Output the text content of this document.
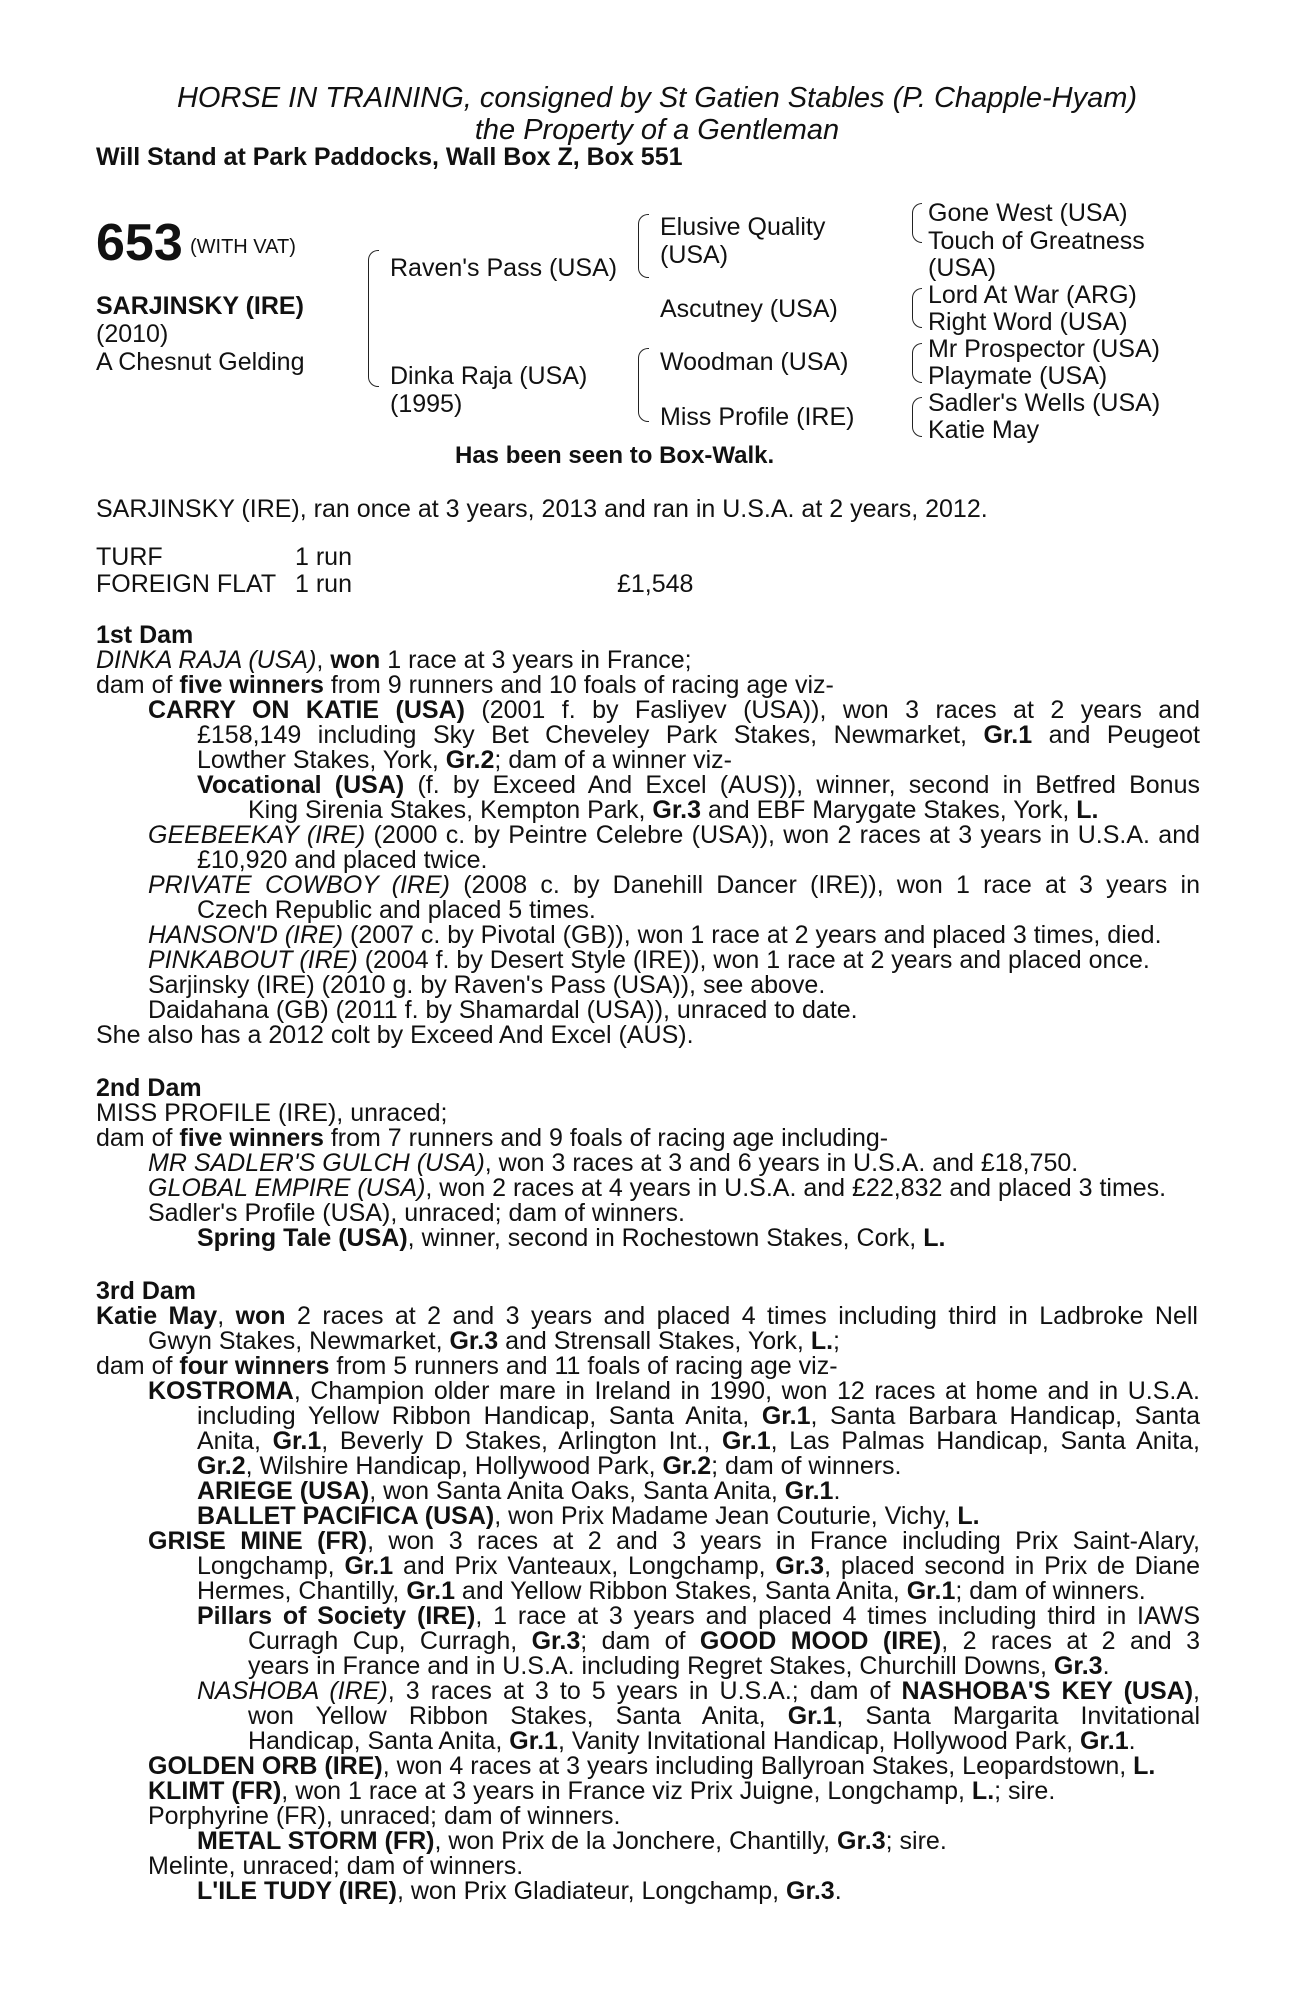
HORSE IN TRAINING, consigned by St Gatien Stables (P. Chapple-Hyam)
the Property of a Gentleman
Will Stand at Park Paddocks, Wall Box Z, Box 551
653 (WITH VAT)
SARJINSKY (IRE)
(2010)
A Chesnut Gelding
Raven's Pass (USA)
Dinka Raja (USA)
(1995)
Elusive Quality
(USA)
Ascutney (USA)
Woodman (USA)
Miss Profile (IRE)
Gone West (USA)
Touch of Greatness
(USA)
Lord At War (ARG)
Right Word (USA)
Mr Prospector (USA)
Playmate (USA)
Sadler's Wells (USA)
Katie May
Has been seen to Box-Walk.
SARJINSKY (IRE), ran once at 3 years, 2013 and ran in U.S.A. at 2 years, 2012.
TURF	1 run
FOREIGN FLAT 1 run	£1,548
1st Dam
DINKA RAJA (USA), won 1 race at 3 years in France;
dam of five winners from 9 runners and 10 foals of racing age viz-
CARRY ON KATIE (USA) (2001 f. by Fasliyev (USA)), won 3 races at 2 years and
£158,149 including Sky Bet Cheveley Park Stakes, Newmarket, Gr.1 and Peugeot
Lowther Stakes, York, Gr.2; dam of a winner viz-
Vocational (USA) (f. by Exceed And Excel (AUS)), winner, second in Betfred Bonus
King Sirenia Stakes, Kempton Park, Gr.3 and EBF Marygate Stakes, York, L.
GEEBEEKAY (IRE) (2000 c. by Peintre Celebre (USA)), won 2 races at 3 years in U.S.A. and
£10,920 and placed twice.
PRIVATE COWBOY (IRE) (2008 c. by Danehill Dancer (IRE)), won 1 race at 3 years in
Czech Republic and placed 5 times.
HANSON'D (IRE) (2007 c. by Pivotal (GB)), won 1 race at 2 years and placed 3 times, died.
PINKABOUT (IRE) (2004 f. by Desert Style (IRE)), won 1 race at 2 years and placed once.
Sarjinsky (IRE) (2010 g. by Raven's Pass (USA)), see above.
Daidahana (GB) (2011 f. by Shamardal (USA)), unraced to date.
She also has a 2012 colt by Exceed And Excel (AUS).
2nd Dam
MISS PROFILE (IRE), unraced;
dam of five winners from 7 runners and 9 foals of racing age including-
MR SADLER'S GULCH (USA), won 3 races at 3 and 6 years in U.S.A. and £18,750.
GLOBAL EMPIRE (USA), won 2 races at 4 years in U.S.A. and £22,832 and placed 3 times.
Sadler's Profile (USA), unraced; dam of winners.
Spring Tale (USA), winner, second in Rochestown Stakes, Cork, L.
3rd Dam
Katie May, won 2 races at 2 and 3 years and placed 4 times including third in Ladbroke Nell
Gwyn Stakes, Newmarket, Gr.3 and Strensall Stakes, York, L.;
dam of four winners from 5 runners and 11 foals of racing age viz-
KOSTROMA, Champion older mare in Ireland in 1990, won 12 races at home and in U.S.A.
including Yellow Ribbon Handicap, Santa Anita, Gr.1, Santa Barbara Handicap, Santa
Anita, Gr.1, Beverly D Stakes, Arlington Int., Gr.1, Las Palmas Handicap, Santa Anita,
Gr.2, Wilshire Handicap, Hollywood Park, Gr.2; dam of winners.
ARIEGE (USA), won Santa Anita Oaks, Santa Anita, Gr.1.
BALLET PACIFICA (USA), won Prix Madame Jean Couturie, Vichy, L.
GRISE MINE (FR), won 3 races at 2 and 3 years in France including Prix Saint-Alary,
Longchamp, Gr.1 and Prix Vanteaux, Longchamp, Gr.3, placed second in Prix de Diane
Hermes, Chantilly, Gr.1 and Yellow Ribbon Stakes, Santa Anita, Gr.1; dam of winners.
Pillars of Society (IRE), 1 race at 3 years and placed 4 times including third in IAWS
Curragh Cup, Curragh, Gr.3; dam of GOOD MOOD (IRE), 2 races at 2 and 3
years in France and in U.S.A. including Regret Stakes, Churchill Downs, Gr.3.
NASHOBA (IRE), 3 races at 3 to 5 years in U.S.A.; dam of NASHOBA'S KEY (USA),
won Yellow Ribbon Stakes, Santa Anita, Gr.1, Santa Margarita Invitational
Handicap, Santa Anita, Gr.1, Vanity Invitational Handicap, Hollywood Park, Gr.1.
GOLDEN ORB (IRE), won 4 races at 3 years including Ballyroan Stakes, Leopardstown, L.
KLIMT (FR), won 1 race at 3 years in France viz Prix Juigne, Longchamp, L.; sire.
Porphyrine (FR), unraced; dam of winners.
METAL STORM (FR), won Prix de la Jonchere, Chantilly, Gr.3; sire.
Melinte, unraced; dam of winners.
L'ILE TUDY (IRE), won Prix Gladiateur, Longchamp, Gr.3.
